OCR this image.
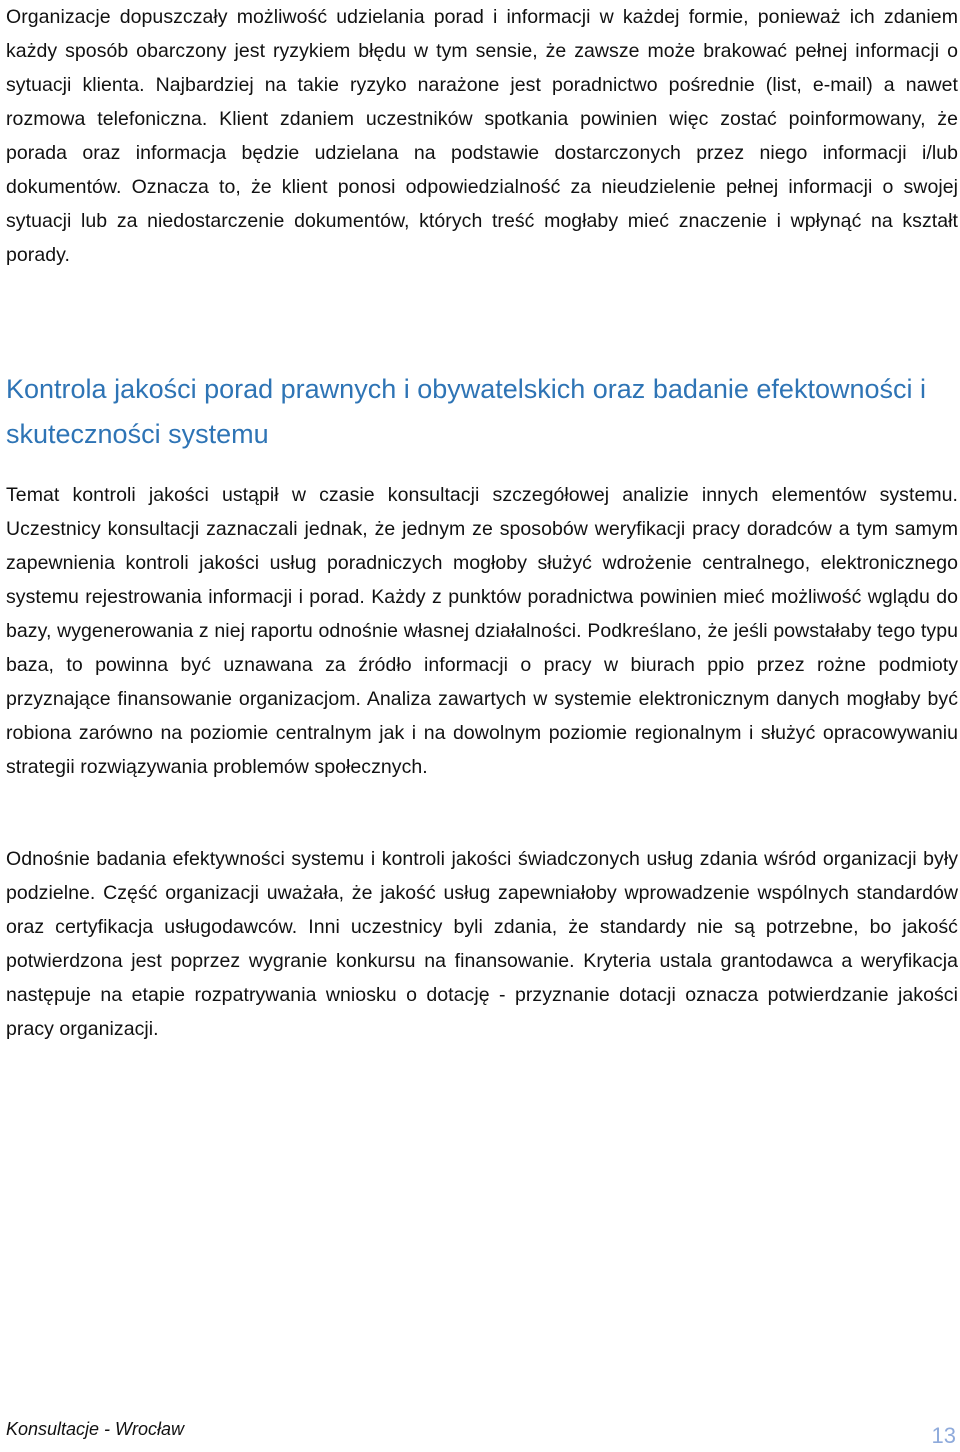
Organizacje dopuszczały możliwość udzielania porad i informacji w każdej formie, ponieważ ich zdaniem każdy sposób obarczony jest ryzykiem błędu w tym sensie, że zawsze może brakować pełnej informacji o sytuacji klienta. Najbardziej na takie ryzyko narażone jest poradnictwo pośrednie (list, e-mail) a nawet rozmowa telefoniczna. Klient zdaniem uczestników spotkania powinien więc zostać poinformowany, że porada oraz informacja będzie udzielana na podstawie dostarczonych przez niego informacji i/lub dokumentów. Oznacza to, że klient ponosi odpowiedzialność za nieudzielenie pełnej informacji o swojej sytuacji lub za niedostarczenie dokumentów, których treść mogłaby mieć znaczenie i wpłynąć na kształt porady.

Kontrola jakości porad prawnych i obywatelskich oraz badanie efektowności i skuteczności systemu

Temat kontroli jakości ustąpił w czasie konsultacji szczegółowej analizie innych elementów systemu. Uczestnicy konsultacji zaznaczali jednak, że jednym ze sposobów weryfikacji pracy doradców a tym samym zapewnienia kontroli jakości usług poradniczych mogłoby służyć wdrożenie centralnego, elektronicznego systemu rejestrowania informacji i porad. Każdy z punktów poradnictwa powinien mieć możliwość wglądu do bazy, wygenerowania z niej raportu odnośnie własnej działalności. Podkreślano, że jeśli powstałaby tego typu baza, to powinna być uznawana za źródło informacji o pracy w biurach ppio przez rożne podmioty przyznające finansowanie organizacjom. Analiza zawartych w systemie elektronicznym danych mogłaby być robiona zarówno na poziomie centralnym jak i na dowolnym poziomie regionalnym i służyć opracowywaniu strategii rozwiązywania problemów społecznych.

Odnośnie badania efektywności systemu i kontroli jakości świadczonych usług zdania wśród organizacji były podzielne. Część organizacji uważała, że jakość usług zapewniałoby wprowadzenie wspólnych standardów oraz certyfikacja usługodawców. Inni uczestnicy byli zdania, że standardy nie są potrzebne, bo jakość potwierdzona jest poprzez wygranie konkursu na finansowanie. Kryteria ustala grantodawca a weryfikacja następuje na etapie rozpatrywania wniosku o dotację - przyznanie dotacji oznacza potwierdzanie jakości pracy organizacji.

Konsultacje - Wrocław	13
